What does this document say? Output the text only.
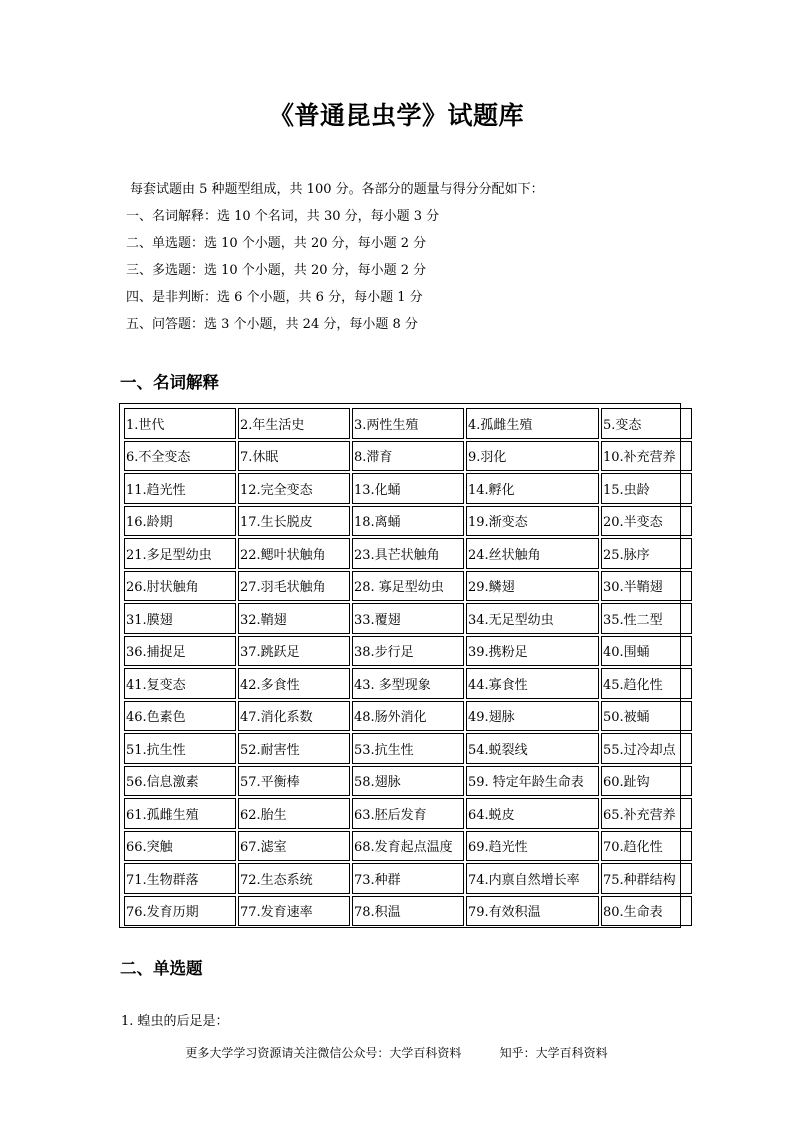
《普通昆虫学》试题库
每套试题由 5 种题型组成，共 100 分。各部分的题量与得分分配如下：
一、名词解释：选 10 个名词，共 30 分，每小题 3 分
二、单选题：选 10 个小题，共 20 分，每小题 2 分
三、多选题：选 10 个小题，共 20 分，每小题 2 分
四、是非判断：选 6 个小题，共 6 分，每小题 1 分
五、问答题：选 3 个小题，共 24 分，每小题 8 分
一、名词解释
1.世代	2.年生活史	3.两性生殖	4.孤雌生殖	5.变态
6.不全变态	7.休眠	8.滞育	9.羽化	10.补充营养
11.趋光性	12.完全变态	13.化蛹	14.孵化	15.虫龄
16.龄期	17.生长脱皮	18.离蛹	19.渐变态	20.半变态
21.多足型幼虫	22.鳃叶状触角	23.具芒状触角	24.丝状触角	25.脉序
26.肘状触角	27.羽毛状触角	28. 寡足型幼虫	29.鳞翅	30.半鞘翅
31.膜翅	32.鞘翅	33.覆翅	34.无足型幼虫	35.性二型
36.捕捉足	37.跳跃足	38.步行足	39.携粉足	40.围蛹
41.复变态	42.多食性	43. 多型现象	44.寡食性	45.趋化性
46.色素色	47.消化系数	48.肠外消化	49.翅脉	50.被蛹
51.抗生性	52.耐害性	53.抗生性	54.蜕裂线	55.过冷却点
56.信息激素	57.平衡棒	58.翅脉	59. 特定年龄生命表	60.趾钩
61.孤雌生殖	62.胎生	63.胚后发育	64.蜕皮	65.补充营养
66.突触	67.滤室	68.发育起点温度	69.趋光性	70.趋化性
71.生物群落	72.生态系统	73.种群	74.内禀自然增长率	75.种群结构
76.发育历期	77.发育速率	78.积温	79.有效积温	80.生命表
二、单选题
1. 蝗虫的后足是：
更多大学学习资源请关注微信公众号：大学百科资料          知乎：大学百科资料
